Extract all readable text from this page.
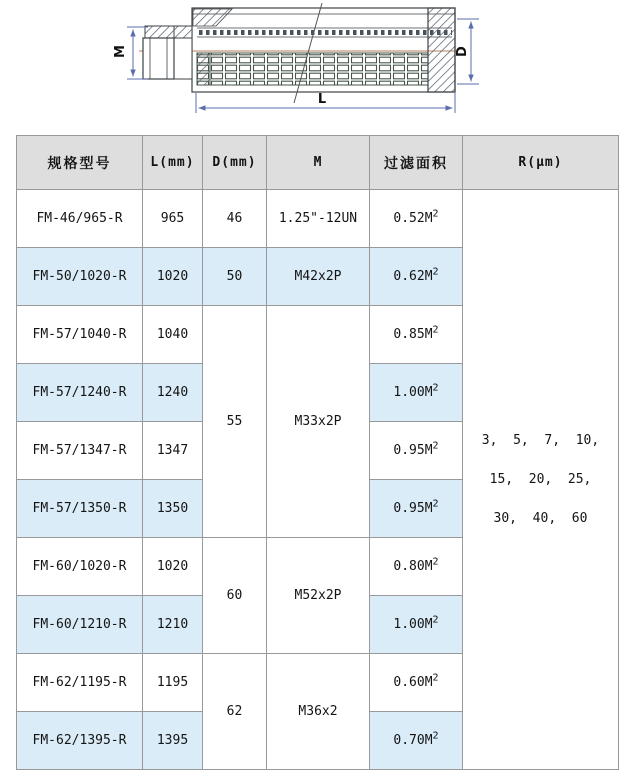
M	D
L
规格型号	L(mm)	D(mm)	M	过滤面积	R(μm)
FM-46/965-R	965	46	1.25"-12UN	$0.52M^2$	3,  5,  7,  10,
15,  20,  25,
30,  40,  60

FM-50/1020-R	1020	50	M42x2P	$0.62M^2$
FM-57/1040-R	1040	55	M33x2P	$0.85M^2$
FM-57/1240-R	1240			$1.00M^2$
FM-57/1347-R	1347			$0.95M^2$
FM-57/1350-R	1350			$0.95M^2$
FM-60/1020-R	1020	60	M52x2P	$0.80M^2$
FM-60/1210-R	1210			$1.00M^2$
FM-62/1195-R	1195	62	M36x2	$0.60M^2$
FM-62/1395-R	1395			$0.70M^2$
